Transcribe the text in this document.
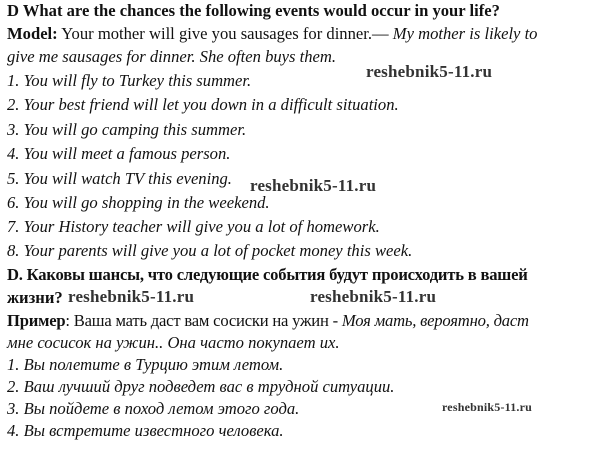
D What are the chances the following events would occur in your life?
Model: Your mother will give you sausages for dinner.— My mother is likely to
give me sausages for dinner. She often buys them.
1. You will fly to Turkey this summer.
2. Your best friend will let you down in a difficult situation.
3. You will go camping this summer.
4. You will meet a famous person.
5. You will watch TV this evening.
6. You will go shopping in the weekend.
7. Your History teacher will give you a lot of homework.
8. Your parents will give you a lot of pocket money this week.
D. Каковы шансы, что следующие события будут происходить в вашей
жизни?
Пример: Ваша мать даст вам сосиски на ужин - Моя мать, вероятно, даст
мне сосисок на ужин.. Она часто покупает их.
1. Вы полетите в Турцию этим летом.
2. Ваш лучший друг подведет вас в трудной ситуации.
3. Вы пойдете в поход летом этого года.
4. Вы встретите известного человека.
reshebnik5-11.ru
reshebnik5-11.ru
reshebnik5-11.ru	reshebnik5-11.ru
reshebnik5-11.ru
